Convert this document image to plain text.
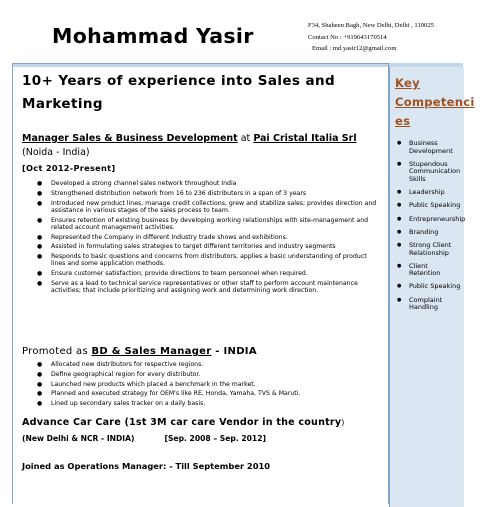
Mohammad Yasir	F34, Shaheen Bagh, New Delhi, Delhi , 110025
Contact No : +919643170514
Email : md.yasir12@gmail.com
Key
Competenci
es
● Business Development
● Stupendous Communication Skills
● Leadership
● Public Speaking
● Entrepreneurship
● Branding
● Strong Client Relationship
● Client Retention
● Public Speaking
● Complaint Handling
10+ Years of experience into Sales and Marketing
Manager Sales & Business Development at Pai Cristal Italia Srl (Noida - India)
[Oct 2012-Present]
● Developed a strong channel sales network throughout India
● Strengthened distribution network from 16 to 236 distributers in a span of 3 years
● Introduced new product lines, manage credit collections, grew and stabilize sales; provides direction and assistance in various stages of the sales process to team.
● Ensures retention of existing business by developing working relationships with site-management and related account management activities.
● Represented the Company in different Industry trade shows and exhibitions.
● Assisted in formulating sales strategies to target different territories and industry segments
● Responds to basic questions and concerns from distributors, applies a basic understanding of product lines and some application methods.
● Ensure customer satisfaction; provide directions to team personnel when required.
● Serve as a lead to technical service representatives or other staff to perform account maintenance activities; that include prioritizing and assigning work and determining work direction.
Promoted as BD & Sales Manager - INDIA
● Allocated new distributors for respective regions.
● Define geographical region for every distributor.
● Launched new products which placed a benchmark in the market.
● Planned and executed strategy for OEM's like RE, Honda, Yamaha, TVS & Maruti.
● Lined up secondary sales tracker on a daily basis.
Advance Car Care (1st 3M car care Vendor in the country)
(New Delhi & NCR - INDIA)	[Sep. 2008 – Sep. 2012]
Joined as Operations Manager: - Till September 2010
